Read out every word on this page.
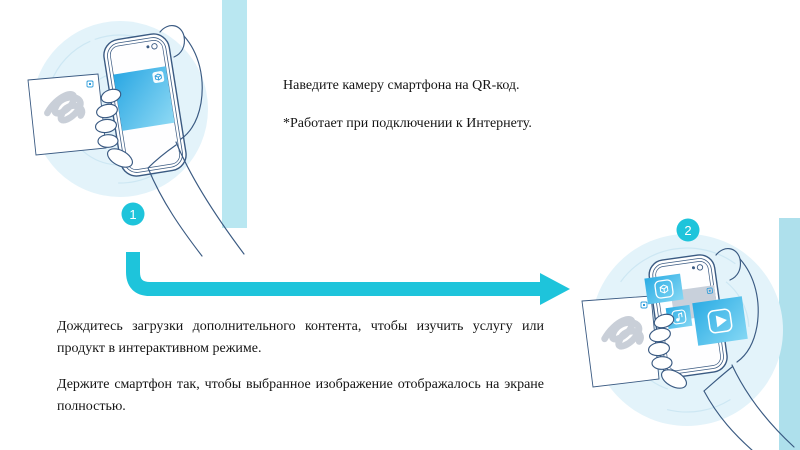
1
2

Наведите камеру смартфона на QR-код.

*Работает при подключении к Интернету.

Дождитесь загрузки дополнительного контента, чтобы изучить услугу или продукт в интерактивном режиме.

Держите смартфон так, чтобы выбранное изображение отображалось на экране полностью.
